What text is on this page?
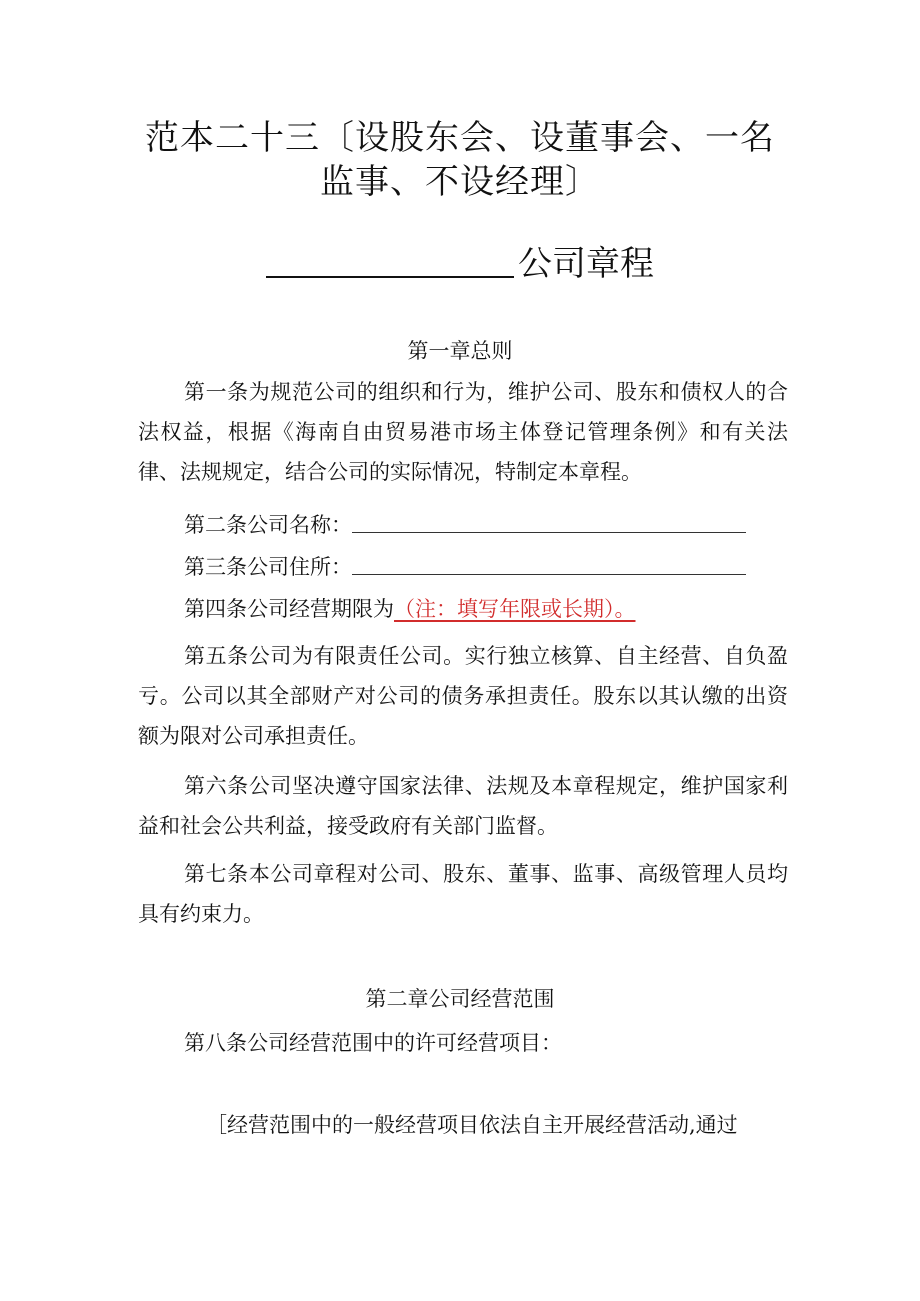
范本二十三〔设股东会、设董事会、一名
监事、不设经理〕
公司章程
第一章总则
第一条为规范公司的组织和行为，维护公司、股东和债权人的合法权益，根据《海南自由贸易港市场主体登记管理条例》和有关法律、法规规定，结合公司的实际情况，特制定本章程。
第二条公司名称：
第三条公司住所：
第四条公司经营期限为（注：填写年限或长期）。
第五条公司为有限责任公司。实行独立核算、自主经营、自负盈亏。公司以其全部财产对公司的债务承担责任。股东以其认缴的出资额为限对公司承担责任。
第六条公司坚决遵守国家法律、法规及本章程规定，维护国家利益和社会公共利益，接受政府有关部门监督。
第七条本公司章程对公司、股东、董事、监事、高级管理人员均具有约束力。
第二章公司经营范围
第八条公司经营范围中的许可经营项目：
［经营范围中的一般经营项目依法自主开展经营活动,通过
